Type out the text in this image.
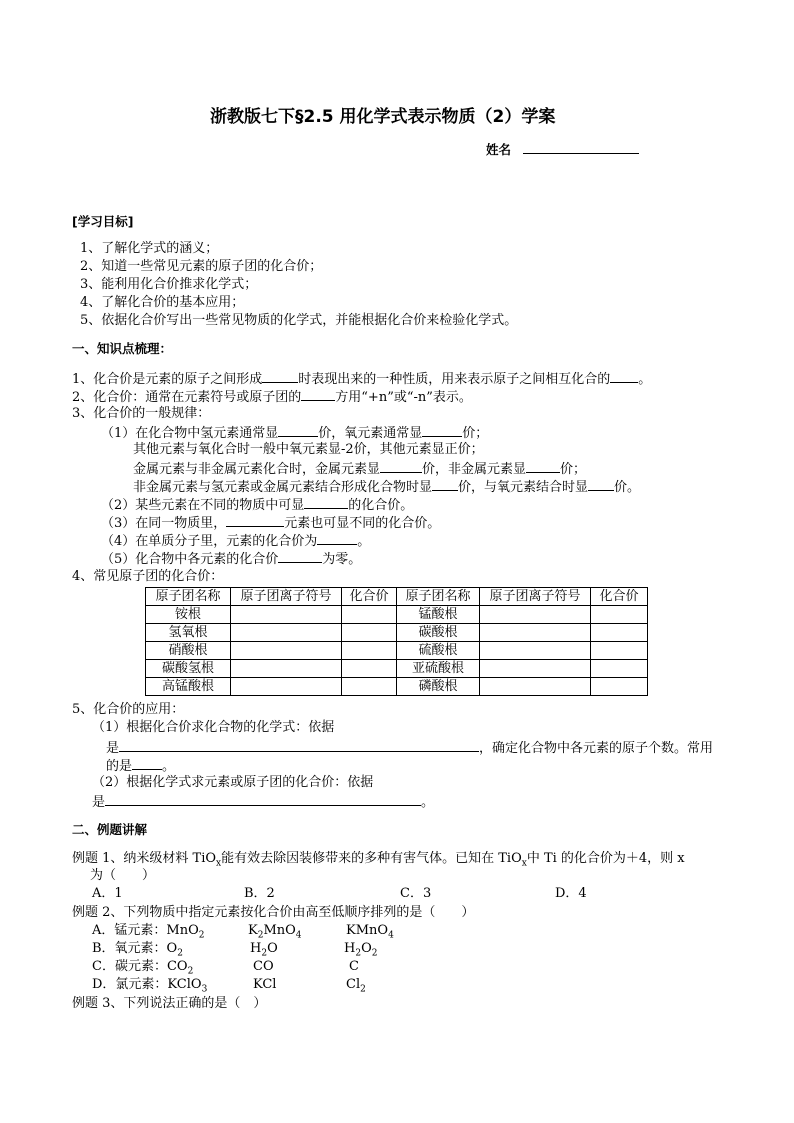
浙教版七下§2.5 用化学式表示物质（2）学案
姓名
[学习目标]
1、了解化学式的涵义；
2、知道一些常见元素的原子团的化合价；
3、能利用化合价推求化学式；
4、了解化合价的基本应用；
5、依据化合价写出一些常见物质的化学式，并能根据化合价来检验化学式。
一、知识点梳理：
1、化合价是元素的原子之间形成	时表现出来的一种性质，用来表示原子之间相互化合的 。
2、化合价：通常在元素符号或原子团的	方用“+n”或“-n”表示。
3、化合价的一般规律：
（1）在化合物中氢元素通常显	价，氧元素通常显	价；
其他元素与氧化合时一般中氧元素显-2价，其他元素显正价；
金属元素与非金属元素化合时，金属元素显	价，非金属元素显	价；
非金属元素与氢元素或金属元素结合形成化合物时显 价，与氧元素结合时显 价。
（2）某些元素在不同的物质中可显	的化合价。
（3）在同一物质里，	元素也可显不同的化合价。
（4）在单质分子里，元素的化合价为	。
（5）化合物中各元素的化合价	为零。
4、常见原子团的化合价：
原子团名称	原子团离子符号	化合价	原子团名称	原子团离子符号	化合价
铵根			锰酸根		
氢氧根			碳酸根		
硝酸根			硫酸根		
碳酸氢根			亚硫酸根		
高锰酸根			磷酸根		
5、化合价的应用：
（1）根据化合价求化合物的化学式：依据
是	，确定化合物中各元素的原子个数。常用
的是 。
（2）根据化学式求元素或原子团的化合价：依据
是	。
二、例题讲解
例题 1、纳米级材料 TiO$_x$能有效去除因装修带来的多种有害气体。已知在 TiO$_x$中 Ti 的化合价为＋4，则 x
为（　　）
A．1	B．2	C．3	D．4
例题 2、下列物质中指定元素按化合价由高至低顺序排列的是（　　）
A．锰元素：MnO$_2$	$K_2MnO_4$	KMnO$_4$
B．氧元素：$O_2$	$H_2O$	$H_2O_2$
C．碳元素：$CO_2$	CO	C
D．氯元素：KClO$_3$	KCl	$Cl_2$
例题 3、下列说法正确的是（　）
